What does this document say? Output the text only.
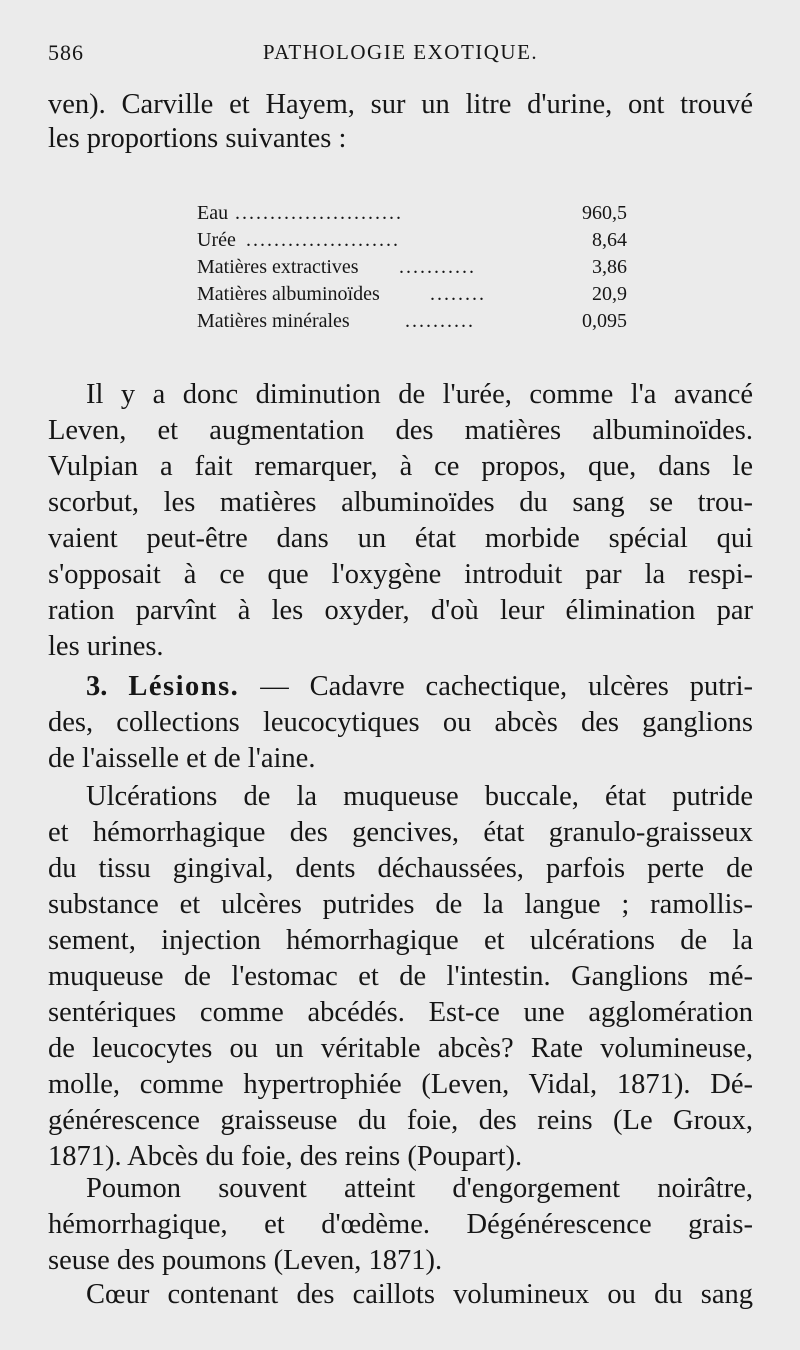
586	PATHOLOGIE EXOTIQUE.
ven). Carville et Hayem, sur un litre d'urine, ont trouvé
les proportions suivantes :
Eau ........................	960,5
Urée ......................	8,64
Matières extractives ...........	3,86
Matières albuminoïdes	........	20,9
Matières minérales	..........	0,095
Il y a donc diminution de l'urée, comme l'a avancé
Leven, et augmentation des matières albuminoïdes.
Vulpian a fait remarquer, à ce propos, que, dans le
scorbut, les matières albuminoïdes du sang se trou-
vaient peut-être dans un état morbide spécial qui
s'opposait à ce que l'oxygène introduit par la respi-
ration parvînt à les oxyder, d'où leur élimination par
les urines.
3. Lésions. — Cadavre cachectique, ulcères putri-
des, collections leucocytiques ou abcès des ganglions
de l'aisselle et de l'aine.
Ulcérations de la muqueuse buccale, état putride
et hémorrhagique des gencives, état granulo-graisseux
du tissu gingival, dents déchaussées, parfois perte de
substance et ulcères putrides de la langue ; ramollis-
sement, injection hémorrhagique et ulcérations de la
muqueuse de l'estomac et de l'intestin. Ganglions mé-
sentériques comme abcédés. Est-ce une agglomération
de leucocytes ou un véritable abcès? Rate volumineuse,
molle, comme hypertrophiée (Leven, Vidal, 1871). Dé-
générescence graisseuse du foie, des reins (Le Groux,
1871). Abcès du foie, des reins (Poupart).
Poumon souvent atteint d'engorgement noirâtre,
hémorrhagique, et d'œdème. Dégénérescence grais-
seuse des poumons (Leven, 1871).
Cœur contenant des caillots volumineux ou du sang
